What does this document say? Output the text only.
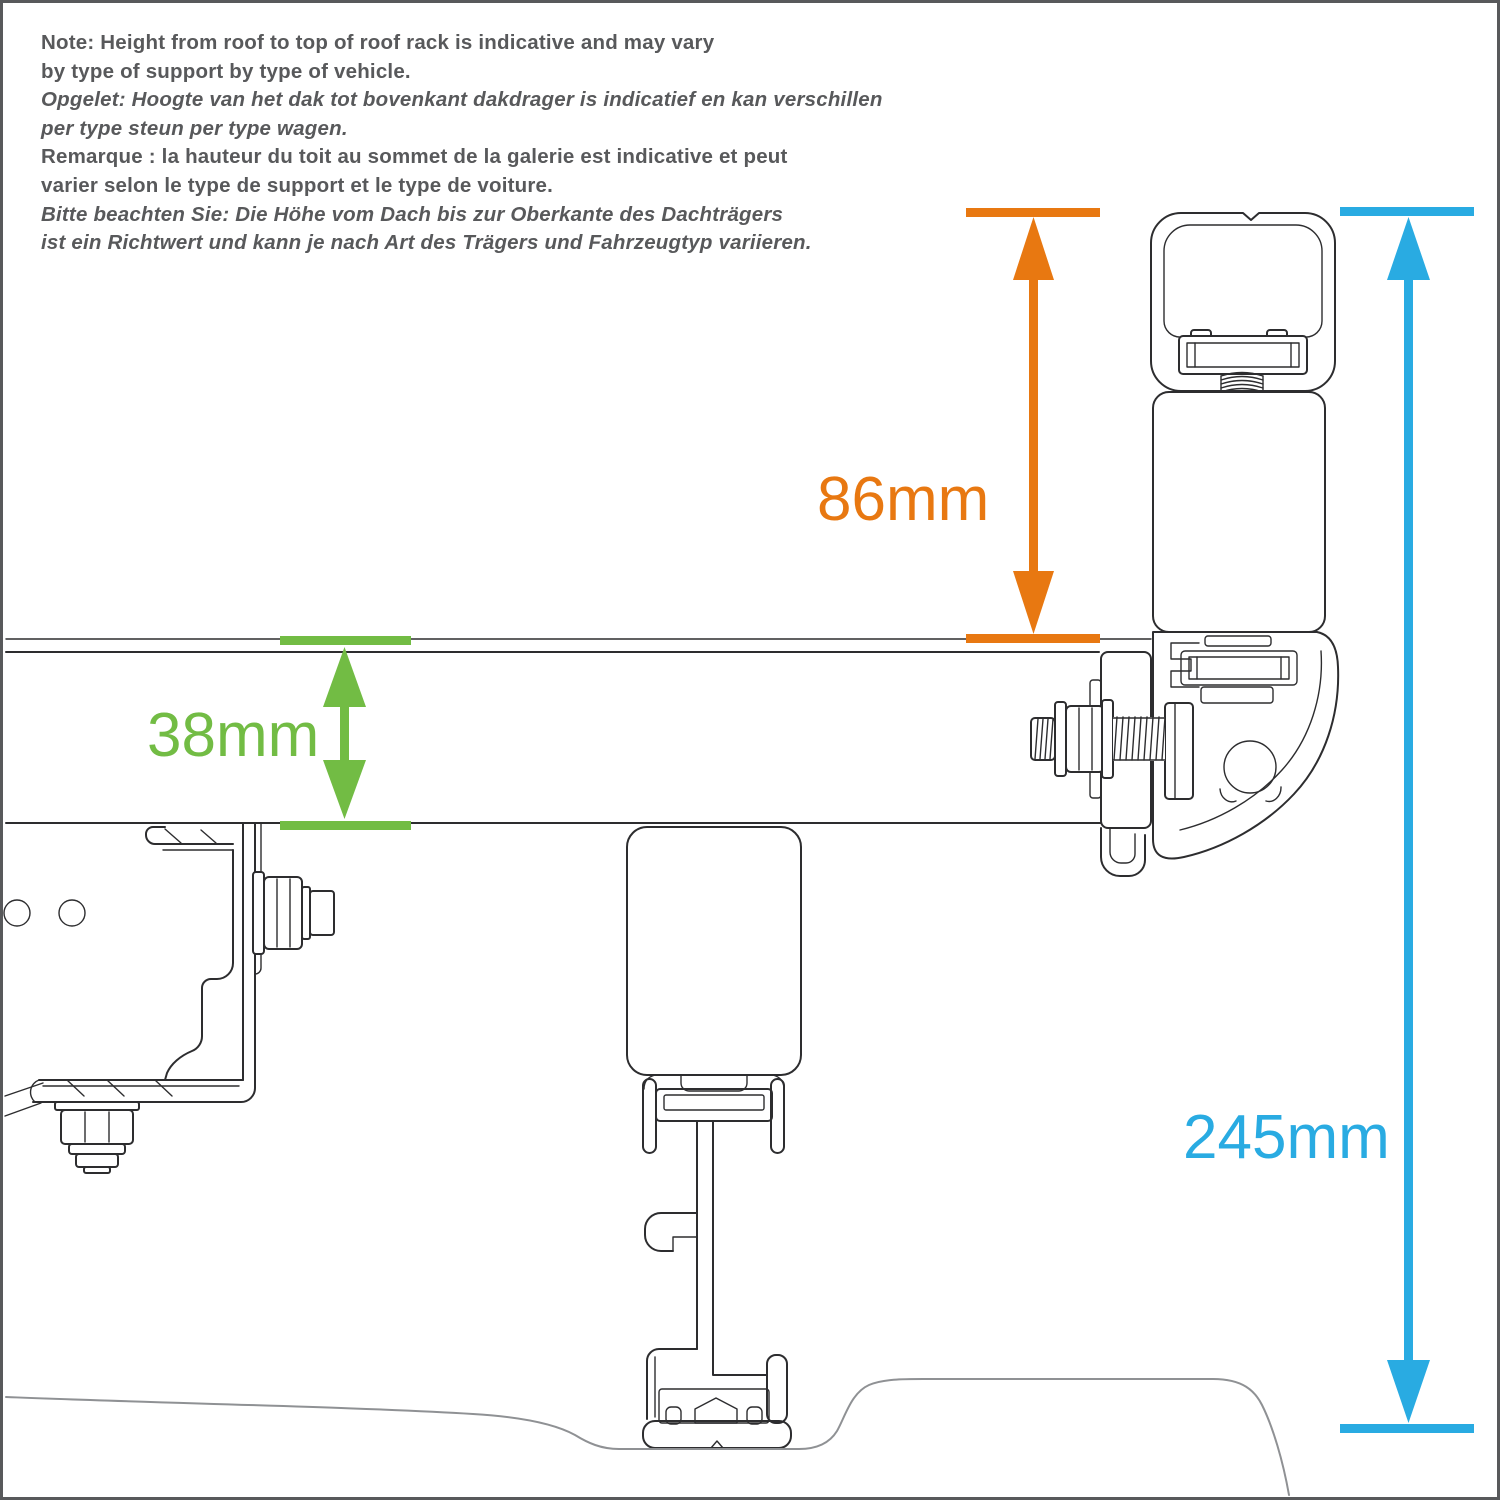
Note: Height from roof to top of roof rack is indicative and may vary
by type of support by type of vehicle.
Opgelet: Hoogte van het dak tot bovenkant dakdrager is indicatief en kan verschillen
per type steun per type wagen.
Remarque : la hauteur du toit au sommet de la galerie est indicative et peut
varier selon le type de support et le type de voiture.
Bitte beachten Sie: Die Höhe vom Dach bis zur Oberkante des Dachträgers
ist ein Richtwert und kann je nach Art des Trägers und Fahrzeugtyp variieren.
38mm
86mm
245mm
